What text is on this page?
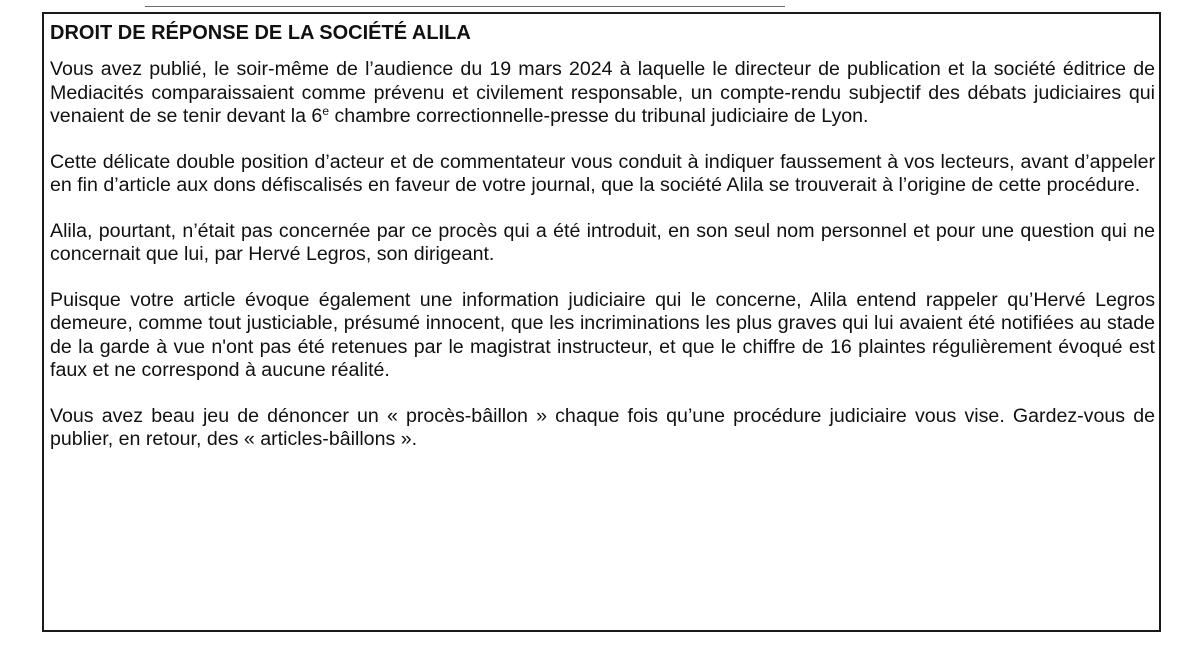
DROIT DE RÉPONSE DE LA SOCIÉTÉ ALILA

Vous avez publié, le soir-même de l’audience du 19 mars 2024 à laquelle le directeur de publication et la société éditrice de Mediacités comparaissaient comme prévenu et civilement responsable, un compte-rendu subjectif des débats judiciaires qui venaient de se tenir devant la 6e chambre correctionnelle-presse du tribunal judiciaire de Lyon.

Cette délicate double position d’acteur et de commentateur vous conduit à indiquer faussement à vos lecteurs, avant d’appeler en fin d’article aux dons défiscalisés en faveur de votre journal, que la société Alila se trouverait à l’origine de cette procédure.

Alila, pourtant, n’était pas concernée par ce procès qui a été introduit, en son seul nom personnel et pour une question qui ne concernait que lui, par Hervé Legros, son dirigeant.

Puisque votre article évoque également une information judiciaire qui le concerne, Alila entend rappeler qu’Hervé Legros demeure, comme tout justiciable, présumé innocent, que les incriminations les plus graves qui lui avaient été notifiées au stade de la garde à vue n'ont pas été retenues par le magistrat instructeur, et que le chiffre de 16 plaintes régulièrement évoqué est faux et ne correspond à aucune réalité.

Vous avez beau jeu de dénoncer un « procès-bâillon » chaque fois qu’une procédure judiciaire vous vise. Gardez-vous de publier, en retour, des « articles-bâillons ».
